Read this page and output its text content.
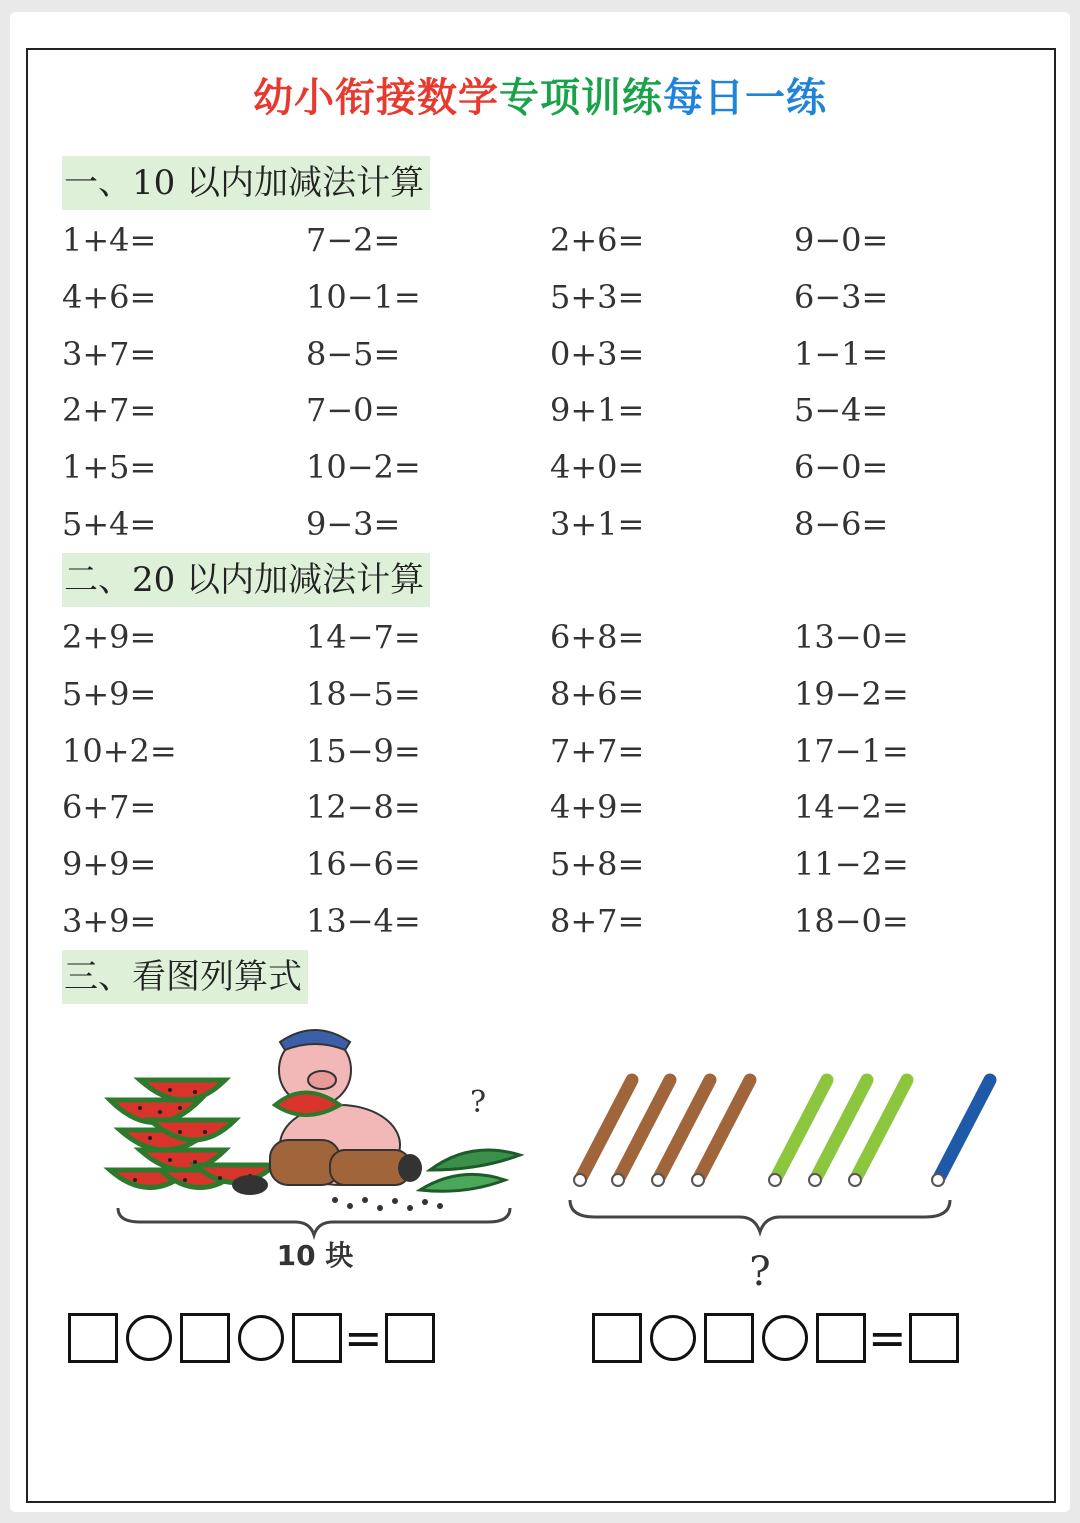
幼小衔接数学专项训练每日一练
一、10 以内加减法计算
1+4=	7−2=	2+6=	9−0=
4+6=	10−1=	5+3=	6−3=
3+7=	8−5=	0+3=	1−1=
2+7=	7−0=	9+1=	5−4=
1+5=	10−2=	4+0=	6−0=
5+4=	9−3=	3+1=	8−6=
二、20 以内加减法计算
2+9=	14−7=	6+8=	13−0=
5+9=	18−5=	8+6=	19−2=
10+2=	15−9=	7+7=	17−1=
6+7=	12−8=	4+9=	14−2=
9+9=	16−6=	5+8=	11−2=
3+9=	13−4=	8+7=	18−0=
三、看图列算式
?
10 块	?
=	=
